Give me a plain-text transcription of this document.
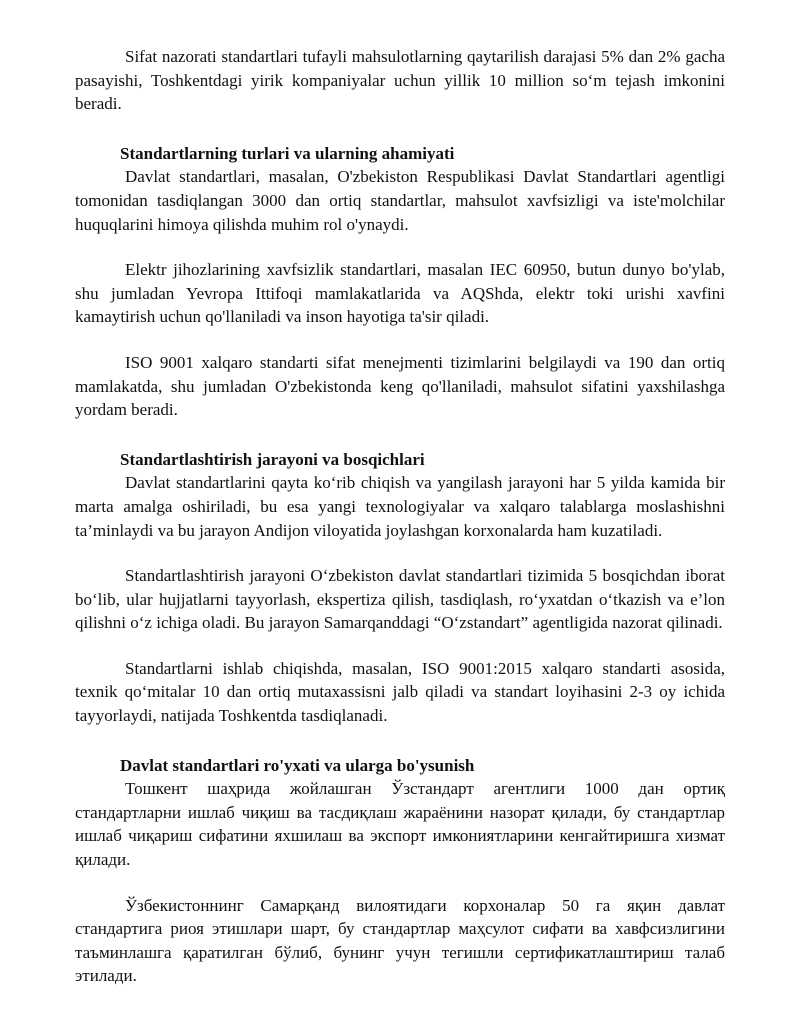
Sifat nazorati standartlari tufayli mahsulotlarning qaytarilish darajasi 5% dan 2% gacha pasayishi, Toshkentdagi yirik kompaniyalar uchun yillik 10 million so‘m tejash imkonini beradi.

Standartlarning turlari va ularning ahamiyati

Davlat standartlari, masalan, O'zbekiston Respublikasi Davlat Standartlari agentligi tomonidan tasdiqlangan 3000 dan ortiq standartlar, mahsulot xavfsizligi va iste'molchilar huquqlarini himoya qilishda muhim rol o'ynaydi.

Elektr jihozlarining xavfsizlik standartlari, masalan IEC 60950, butun dunyo bo'ylab, shu jumladan Yevropa Ittifoqi mamlakatlarida va AQShda, elektr toki urishi xavfini kamaytirish uchun qo'llaniladi va inson hayotiga ta'sir qiladi.

ISO 9001 xalqaro standarti sifat menejmenti tizimlarini belgilaydi va 190 dan ortiq mamlakatda, shu jumladan O'zbekistonda keng qo'llaniladi, mahsulot sifatini yaxshilashga yordam beradi.

Standartlashtirish jarayoni va bosqichlari

Davlat standartlarini qayta ko‘rib chiqish va yangilash jarayoni har 5 yilda kamida bir marta amalga oshiriladi, bu esa yangi texnologiyalar va xalqaro talablarga moslashishni ta’minlaydi va bu jarayon Andijon viloyatida joylashgan korxonalarda ham kuzatiladi.

Standartlashtirish jarayoni O‘zbekiston davlat standartlari tizimida 5 bosqichdan iborat bo‘lib, ular hujjatlarni tayyorlash, ekspertiza qilish, tasdiqlash, ro‘yxatdan o‘tkazish va e’lon qilishni o‘z ichiga oladi. Bu jarayon Samarqanddagi “O‘zstandart” agentligida nazorat qilinadi.

Standartlarni ishlab chiqishda, masalan, ISO 9001:2015 xalqaro standarti asosida, texnik qo‘mitalar 10 dan ortiq mutaxassisni jalb qiladi va standart loyihasini 2-3 oy ichida tayyorlaydi, natijada Toshkentda tasdiqlanadi.

Davlat standartlari ro'yxati va ularga bo'ysunish

Тошкент шаҳрида жойлашган Ўзстандарт агентлиги 1000 дан ортиқ стандартларни ишлаб чиқиш ва тасдиқлаш жараёнини назорат қилади, бу стандартлар ишлаб чиқариш сифатини яхшилаш ва экспорт имкониятларини кенгайтиришга хизмат қилади.

Ўзбекистоннинг Самарқанд вилоятидаги корхоналар 50 га яқин давлат стандартига риоя этишлари шарт, бу стандартлар маҳсулот сифати ва хавфсизлигини таъминлашга қаратилган бўлиб, бунинг учун тегишли сертификатлаштириш талаб этилади.
